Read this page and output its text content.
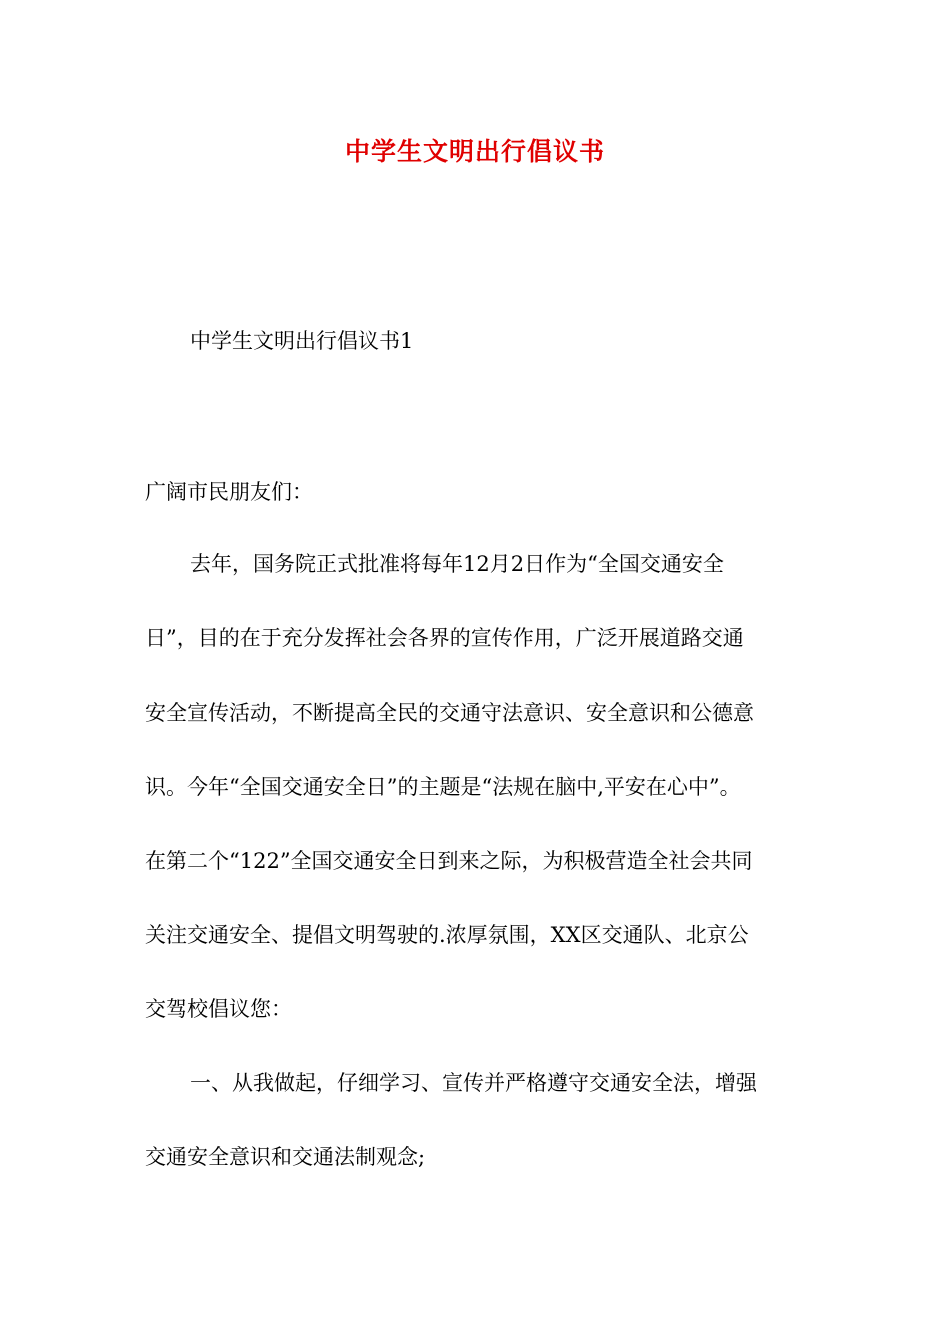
中学生文明出行倡议书
中学生文明出行倡议书1
广阔市民朋友们：
去年，国务院正式批准将每年12月2日作为“全国交通安全
日”，目的在于充分发挥社会各界的宣传作用，广泛开展道路交通
安全宣传活动，不断提高全民的交通守法意识、安全意识和公德意
识。今年“全国交通安全日”的主题是“法规在脑中,平安在心中”。
在第二个“122”全国交通安全日到来之际，为积极营造全社会共同
关注交通安全、提倡文明驾驶的.浓厚氛围，XX区交通队、北京公
交驾校倡议您：
一、从我做起，仔细学习、宣传并严格遵守交通安全法，增强
交通安全意识和交通法制观念;
